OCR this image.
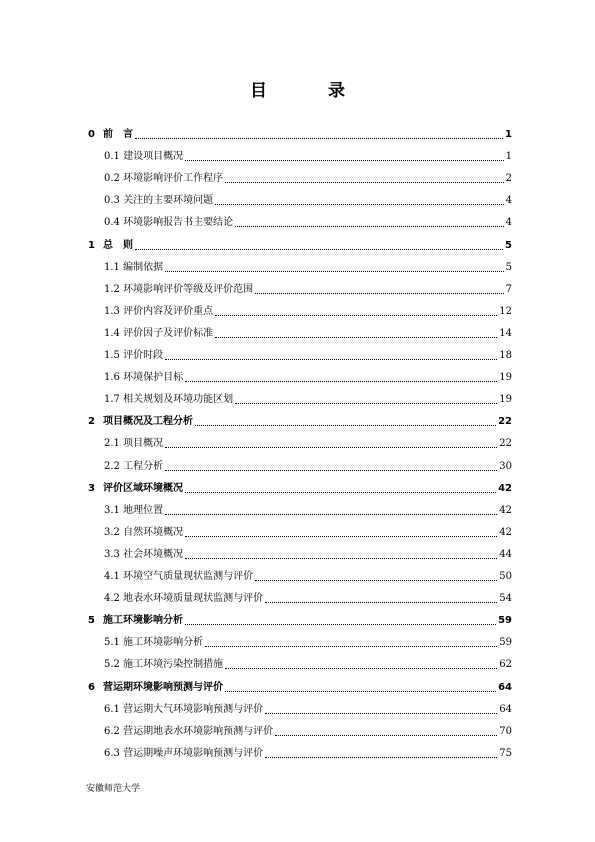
目　录
0 前　言	1
0.1 建设项目概况	1
0.2 环境影响评价工作程序	2
0.3 关注的主要环境问题	4
0.4 环境影响报告书主要结论	4
1 总　则	5
1.1 编制依据	5
1.2 环境影响评价等级及评价范围	7
1.3 评价内容及评价重点	12
1.4 评价因子及评价标准	14
1.5 评价时段	18
1.6 环境保护目标	19
1.7 相关规划及环境功能区划	19
2 项目概况及工程分析	22
2.1 项目概况	22
2.2 工程分析	30
3 评价区域环境概况	42
3.1 地理位置	42
3.2 自然环境概况	42
3.3 社会环境概况	44
4.1 环境空气质量现状监测与评价	50
4.2 地表水环境质量现状监测与评价	54
5 施工环境影响分析	59
5.1 施工环境影响分析	59
5.2 施工环境污染控制措施	62
6 营运期环境影响预测与评价	64
6.1 营运期大气环境影响预测与评价	64
6.2 营运期地表水环境影响预测与评价	70
6.3 营运期噪声环境影响预测与评价	75
安徽师范大学
